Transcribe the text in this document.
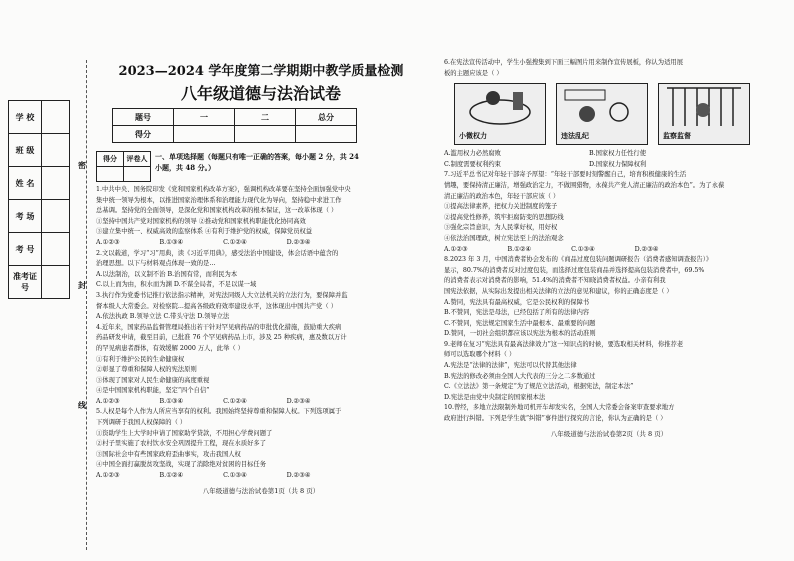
学 校	
班 级	
姓 名	
考 场	
考 号	
准考证号	
密
封
线
2023—2024 学年度第二学期期中教学质量检测
八年级道德与法治试卷
题号	一	二	总分
得分			
得分	评卷人
	一、单项选择题（每题只有唯一正确的答案，每小题 2 分，共 24
小题，共 48 分。）
1.中共中央、国务院印发《党和国家机构改革方案》，强调机构改革要在坚持全面加强党中央
集中统一领导为根本，以推进国家治理体系和治理能力现代化为导向，坚持稳中求进工作
总基调。坚持党的全面领导，是深化党和国家机构改革的根本保证，这一改革体现（ ）
①坚持中国共产党对国家机构的领导 ②推动党和国家机构职能优化协同高效
③建立集中统一、权威高效的监察体系 ④有利于维护党的权威，保障党员权益
A.①②③	B.①③④	C.①②④	D.②③④
2.文以载道，学习“习”用典，读《习近平用典》，感受法治中国建设，体会话语中蕴含的
治理思想。以下与材料观点体现一致的是...
A.以法制治，以义制不治 B.治国有常，而利民为本
C.以上而为由，积水而为渊 D.不谋全局者，不足以谋一域
3.执行作为党委书记推行依法指示精神，对宪法同级人大立法机关的立法行为，要保障并监
督本级人大常委会。对检察院...提高各级政府效率建设水平，这体现出中国共产党（ ）
A.依法执政 B.领导立法 C.带头守法 D.领导立法
4.近年来，国家药品监督管理局推出若干针对罕见病药品的审批优化措施，鼓励重大疾病
药品研发申请，截至目前，已批准 76 个罕见病药品上市，涉及 25 种疾病，惠及数以万计
的罕见病患者群体，有效缓解 2000 万人，此举（ ）
①有利于维护公民的生命健康权
②彰显了尊重和保障人权的宪法原则
③体现了国家对人民生命健康的高度重视
④是中国国家机构职能，坚定“四个自信”
A.①②③	B.①③④	C.①②④	D.②③④
5.人权是每个人作为人所应当享有的权利。我国始终坚持尊重和保障人权。下列选项属于
下列调研于我国人权保障的（ ）
①资助学生上大学时申请了国家助学贷款，不用担心学费问题了
②村子里实施了农村饮水安全巩固提升工程，现在水质好多了
③国际社会中有些国家政府歪曲事实，攻击我国人权
④中国全面打赢脱贫攻坚战，实现了消除绝对贫困的目标任务
A.①②③	B.①②④	C.①③④	D.②③④
八年级道德与法治试卷第1页（共 8 页）
6.在宪法宣传活动中，学生小强搜集到下面三幅图片用来制作宣传展板，你认为适用展
板的主题应该是（ ）
小微权力	违法乱纪	监察监督
A.滥用权力必然腐败	B.国家权力任性行使
C.制度需要权利约束	D.国家权力保障权利
7.习近平总书记对年轻干部寄予厚望：“年轻干部要时刻警醒自己，培育积极健康的生活
情趣，要保持清正廉洁，增强政治定力，不做围猎物，永葆共产党人清正廉洁的政治本色”。为了永葆
清正廉洁的政治本色，年轻干部应该（ ）
①提高法律素养，把权力关进制度的笼子
②提高党性修养，筑牢拒腐防变的思想防线
③强化宗旨意识，为人民掌好权，用好权
④依法治国理政，树立宪法至上的法治观念
A.①②③	B.①②④	C.①③④	D.②③④
8.2023 年 3 月，中国消费者协会发布的《商品过度包装问题调研报告（消费者感知调查报告）》
显示，80.7%的消费者反对过度包装，而选择过度包装商品并选择提高包装消费者中，69.5%
的消费者表示对消费者的影响，51.4%的消费者不知晓消费者权益。小亲有利我
国宪法依据，从实际出发提出相关法律的立法的意见和建议，你的正确态度是（ ）
A.赞同，宪法具有最高权威，它是公民权利的保障书
B.不赞同，宪法是母法，已经包括了所有的法律内容
C.不赞同，宪法规定国家生活中最根本、最重要的问题
D.赞同，一切社会组织都应该以宪法为根本的活动准则
9.老师在复习“宪法具有最高法律效力”这一知识点的时候，要选取相关材料，你推荐老
师可以选取哪个材料（ ）
A.宪法是“法律的法律”，宪法可以代替其他法律
B.宪法的修改必须由全国人大代表的三分之二多数通过
C.《立法法》第一条规定“为了规范立法活动，根据宪法，制定本法”
D.宪法是由党中央制定的国家根本法
10.曾经，多地立法限制外地司机开车却发实名，全国人大常委会备案审查要求地方
政府进行纠错。下列是学生就“纠错”事件进行探究的言论，你认为正确的是（ ）
八年级道德与法治试卷第2页（共 8 页）
